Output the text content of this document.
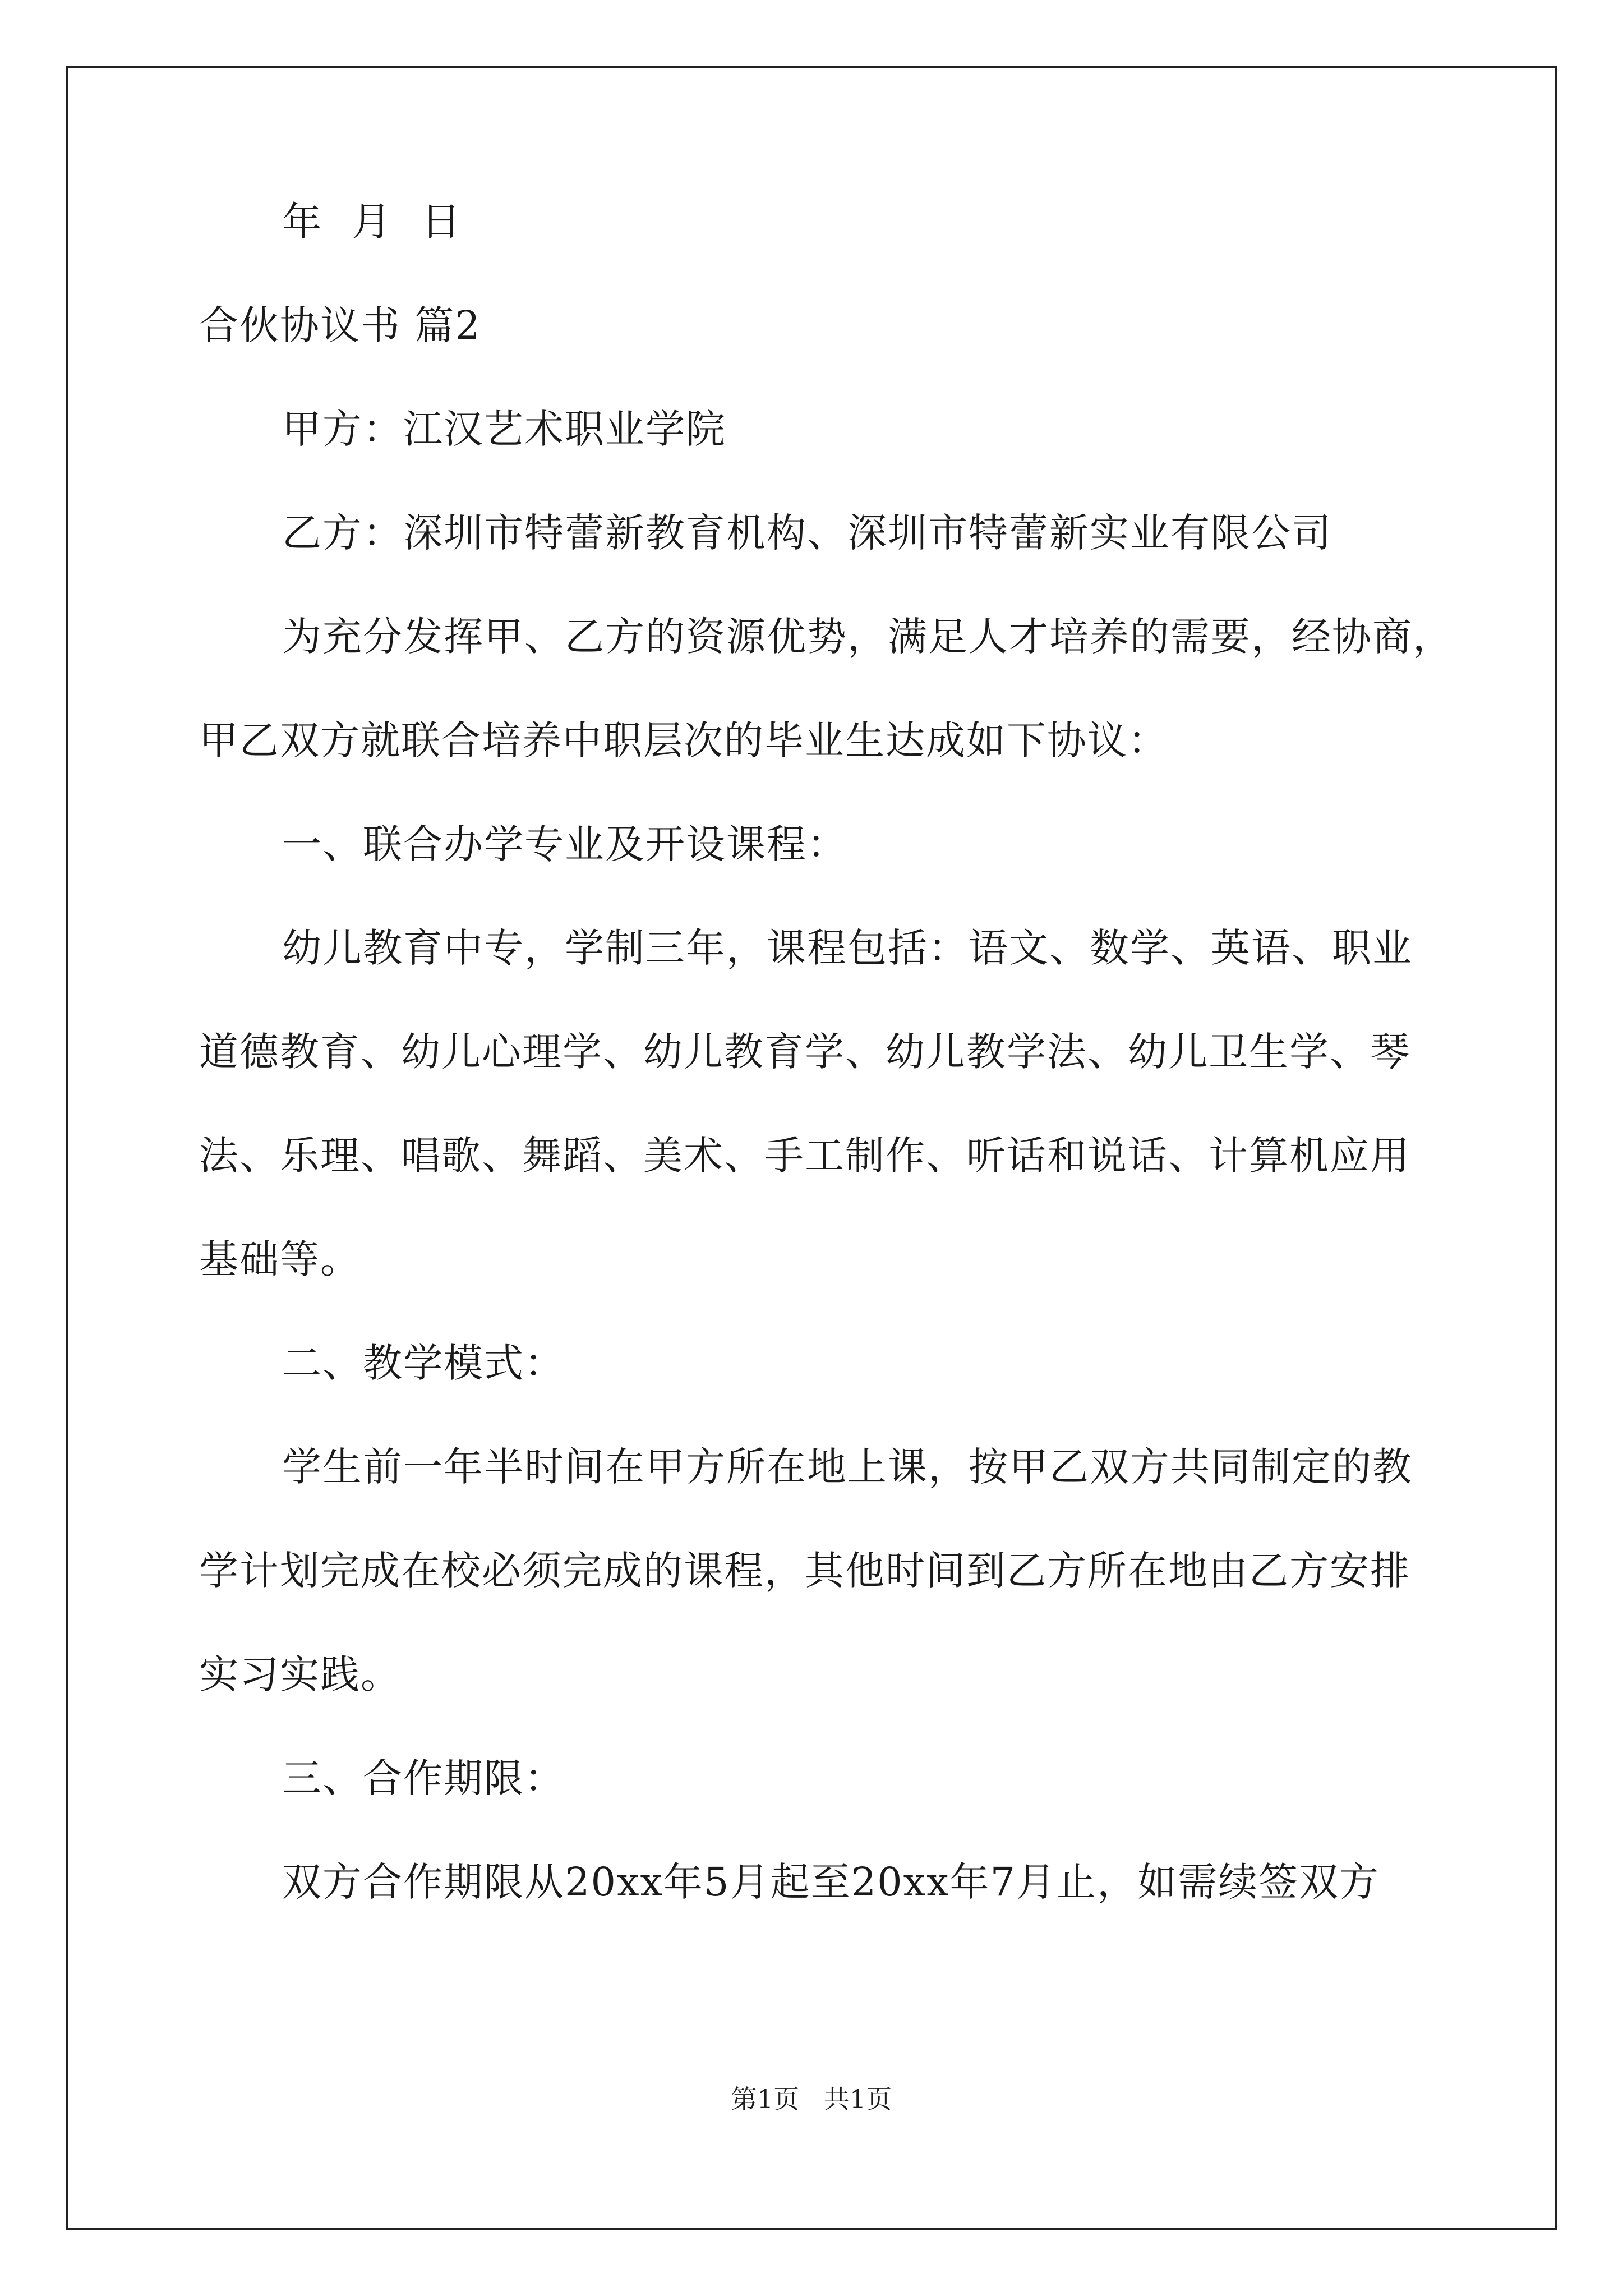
年 月 日
合伙协议书 篇2
甲方：江汉艺术职业学院
乙方：深圳市特蕾新教育机构、深圳市特蕾新实业有限公司
为充分发挥甲、乙方的资源优势，满足人才培养的需要，经协商，
甲乙双方就联合培养中职层次的毕业生达成如下协议：
一、联合办学专业及开设课程：
幼儿教育中专，学制三年，课程包括：语文、数学、英语、职业
道德教育、幼儿心理学、幼儿教育学、幼儿教学法、幼儿卫生学、琴
法、乐理、唱歌、舞蹈、美术、手工制作、听话和说话、计算机应用
基础等。
二、教学模式：
学生前一年半时间在甲方所在地上课，按甲乙双方共同制定的教
学计划完成在校必须完成的课程，其他时间到乙方所在地由乙方安排
实习实践。
三、合作期限：
双方合作期限从20xx年5月起至20xx年7月止，如需续签双方
第1页   共1页
